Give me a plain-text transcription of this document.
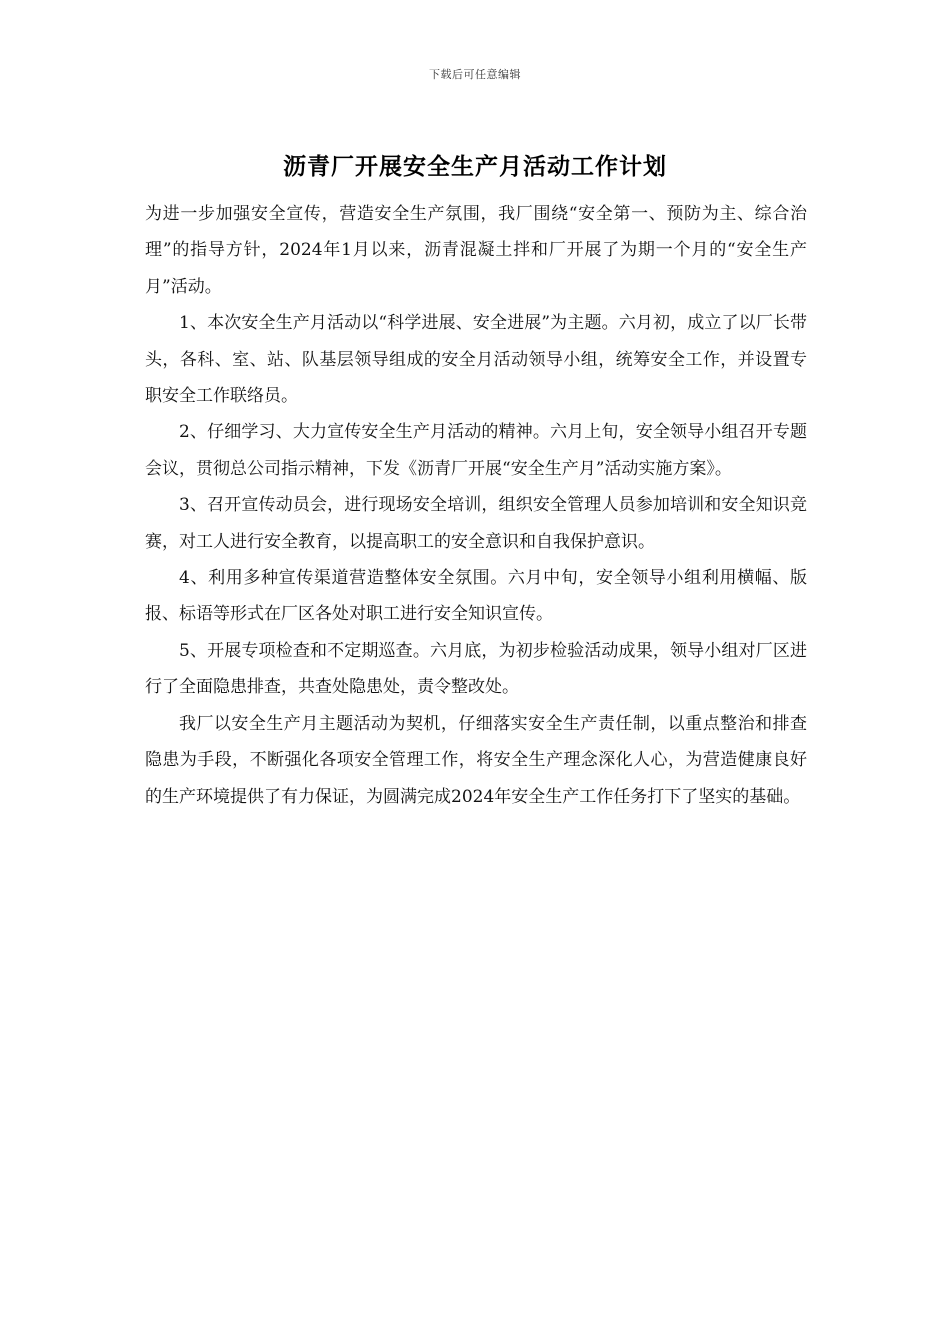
下载后可任意编辑
沥青厂开展安全生产月活动工作计划

为进一步加强安全宣传，营造安全生产氛围，我厂围绕“安全第一、预防为主、综合治理”的指导方针，2024年1月以来，沥青混凝土拌和厂开展了为期一个月的“安全生产月”活动。

1、本次安全生产月活动以“科学进展、安全进展”为主题。六月初，成立了以厂长带头，各科、室、站、队基层领导组成的安全月活动领导小组，统筹安全工作，并设置专职安全工作联络员。

2、仔细学习、大力宣传安全生产月活动的精神。六月上旬，安全领导小组召开专题会议，贯彻总公司指示精神，下发《沥青厂开展“安全生产月”活动实施方案》。

3、召开宣传动员会，进行现场安全培训，组织安全管理人员参加培训和安全知识竞赛，对工人进行安全教育，以提高职工的安全意识和自我保护意识。

4、利用多种宣传渠道营造整体安全氛围。六月中旬，安全领导小组利用横幅、版报、标语等形式在厂区各处对职工进行安全知识宣传。

5、开展专项检查和不定期巡查。六月底，为初步检验活动成果，领导小组对厂区进行了全面隐患排查，共查处隐患处，责令整改处。

我厂以安全生产月主题活动为契机，仔细落实安全生产责任制，以重点整治和排查隐患为手段，不断强化各项安全管理工作，将安全生产理念深化人心，为营造健康良好的生产环境提供了有力保证，为圆满完成2024年安全生产工作任务打下了坚实的基础。
